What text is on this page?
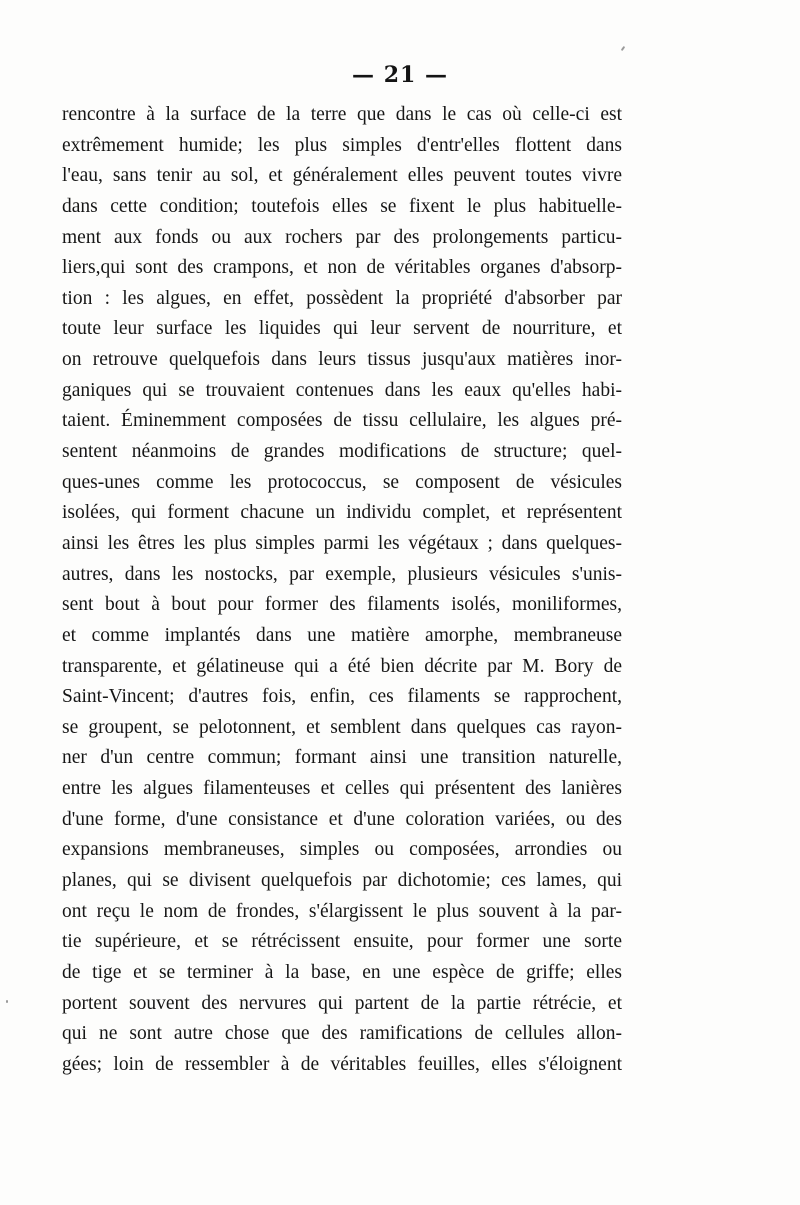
— 21 —
rencontre à la surface de la terre que dans le cas où celle-ci est
extrêmement humide; les plus simples d'entr'elles flottent dans
l'eau, sans tenir au sol, et généralement elles peuvent toutes vivre
dans cette condition; toutefois elles se fixent le plus habituelle-
ment aux fonds ou aux rochers par des prolongements particu-
liers,qui sont des crampons, et non de véritables organes d'absorp-
tion : les algues, en effet, possèdent la propriété d'absorber par
toute leur surface les liquides qui leur servent de nourriture, et
on retrouve quelquefois dans leurs tissus jusqu'aux matières inor-
ganiques qui se trouvaient contenues dans les eaux qu'elles habi-
taient. Éminemment composées de tissu cellulaire, les algues pré-
sentent néanmoins de grandes modifications de structure; quel-
ques-unes comme les protococcus, se composent de vésicules
isolées, qui forment chacune un individu complet, et représentent
ainsi les êtres les plus simples parmi les végétaux ; dans quelques-
autres, dans les nostocks, par exemple, plusieurs vésicules s'unis-
sent bout à bout pour former des filaments isolés, moniliformes,
et comme implantés dans une matière amorphe, membraneuse
transparente, et gélatineuse qui a été bien décrite par M. Bory de
Saint-Vincent; d'autres fois, enfin, ces filaments se rapprochent,
se groupent, se pelotonnent, et semblent dans quelques cas rayon-
ner d'un centre commun; formant ainsi une transition naturelle,
entre les algues filamenteuses et celles qui présentent des lanières
d'une forme, d'une consistance et d'une coloration variées, ou des
expansions membraneuses, simples ou composées, arrondies ou
planes, qui se divisent quelquefois par dichotomie; ces lames, qui
ont reçu le nom de frondes, s'élargissent le plus souvent à la par-
tie supérieure, et se rétrécissent ensuite, pour former une sorte
de tige et se terminer à la base, en une espèce de griffe; elles
portent souvent des nervures qui partent de la partie rétrécie, et
qui ne sont autre chose que des ramifications de cellules allon-
gées; loin de ressembler à de véritables feuilles, elles s'éloignent
